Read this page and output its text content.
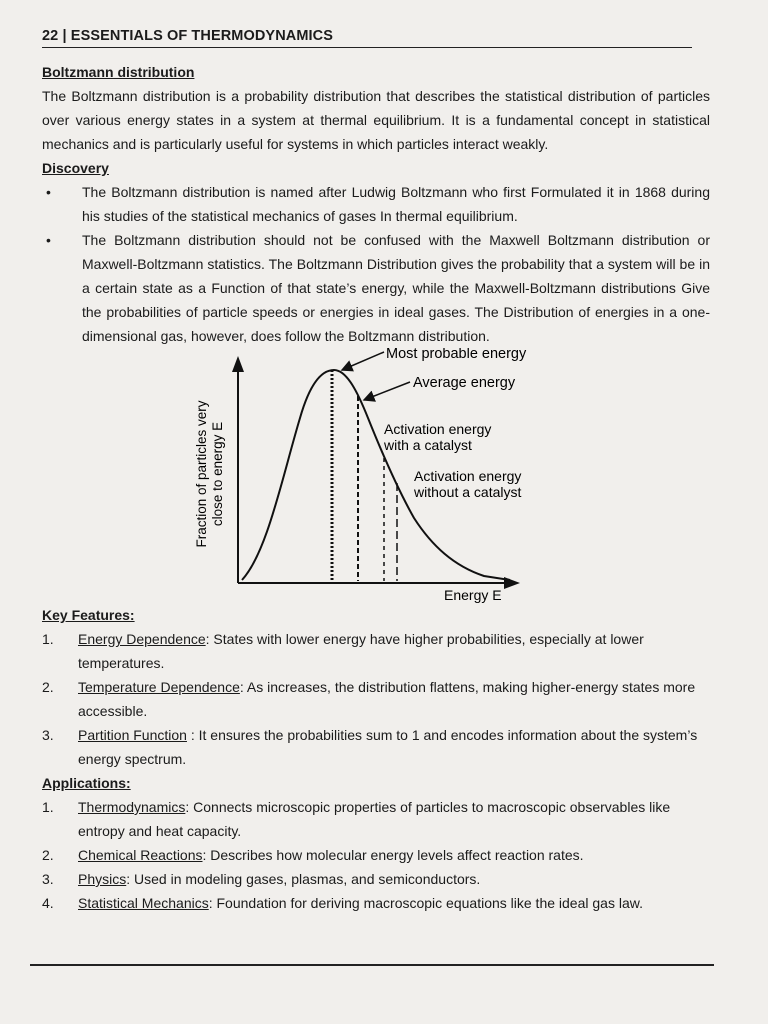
22 | ESSENTIALS OF THERMODYNAMICS
Boltzmann distribution

The Boltzmann distribution is a probability distribution that describes the statistical distribution of particles over various energy states in a system at thermal equilibrium. It is a fundamental concept in statistical mechanics and is particularly useful for systems in which particles interact weakly.

Discovery
• The Boltzmann distribution is named after Ludwig Boltzmann who first Formulated it in 1868 during his studies of the statistical mechanics of gases In thermal equilibrium.
• The Boltzmann distribution should not be confused with the Maxwell Boltzmann distribution or Maxwell-Boltzmann statistics. The Boltzmann Distribution gives the probability that a system will be in a certain state as a Function of that state’s energy, while the Maxwell-Boltzmann distributions Give the probabilities of particle speeds or energies in ideal gases. The Distribution of energies in a one-dimensional gas, however, does follow the Boltzmann distribution.
Most probable energy
Average energy
Activation energy
with a catalyst
Activation energy
without a catalyst
Energy E
Fraction of particles very close to energy E
Key Features:
1.	Energy Dependence: States with lower energy have higher probabilities, especially at lower temperatures.
2.	Temperature Dependence: As increases, the distribution flattens, making higher-energy states more accessible.
3.	Partition Function : It ensures the probabilities sum to 1 and encodes information about the system’s energy spectrum.
Applications:
1.	Thermodynamics: Connects microscopic properties of particles to macroscopic observables like entropy and heat capacity.
2.	Chemical Reactions: Describes how molecular energy levels affect reaction rates.
3.	Physics: Used in modeling gases, plasmas, and semiconductors.
4.	Statistical Mechanics: Foundation for deriving macroscopic equations like the ideal gas law.
